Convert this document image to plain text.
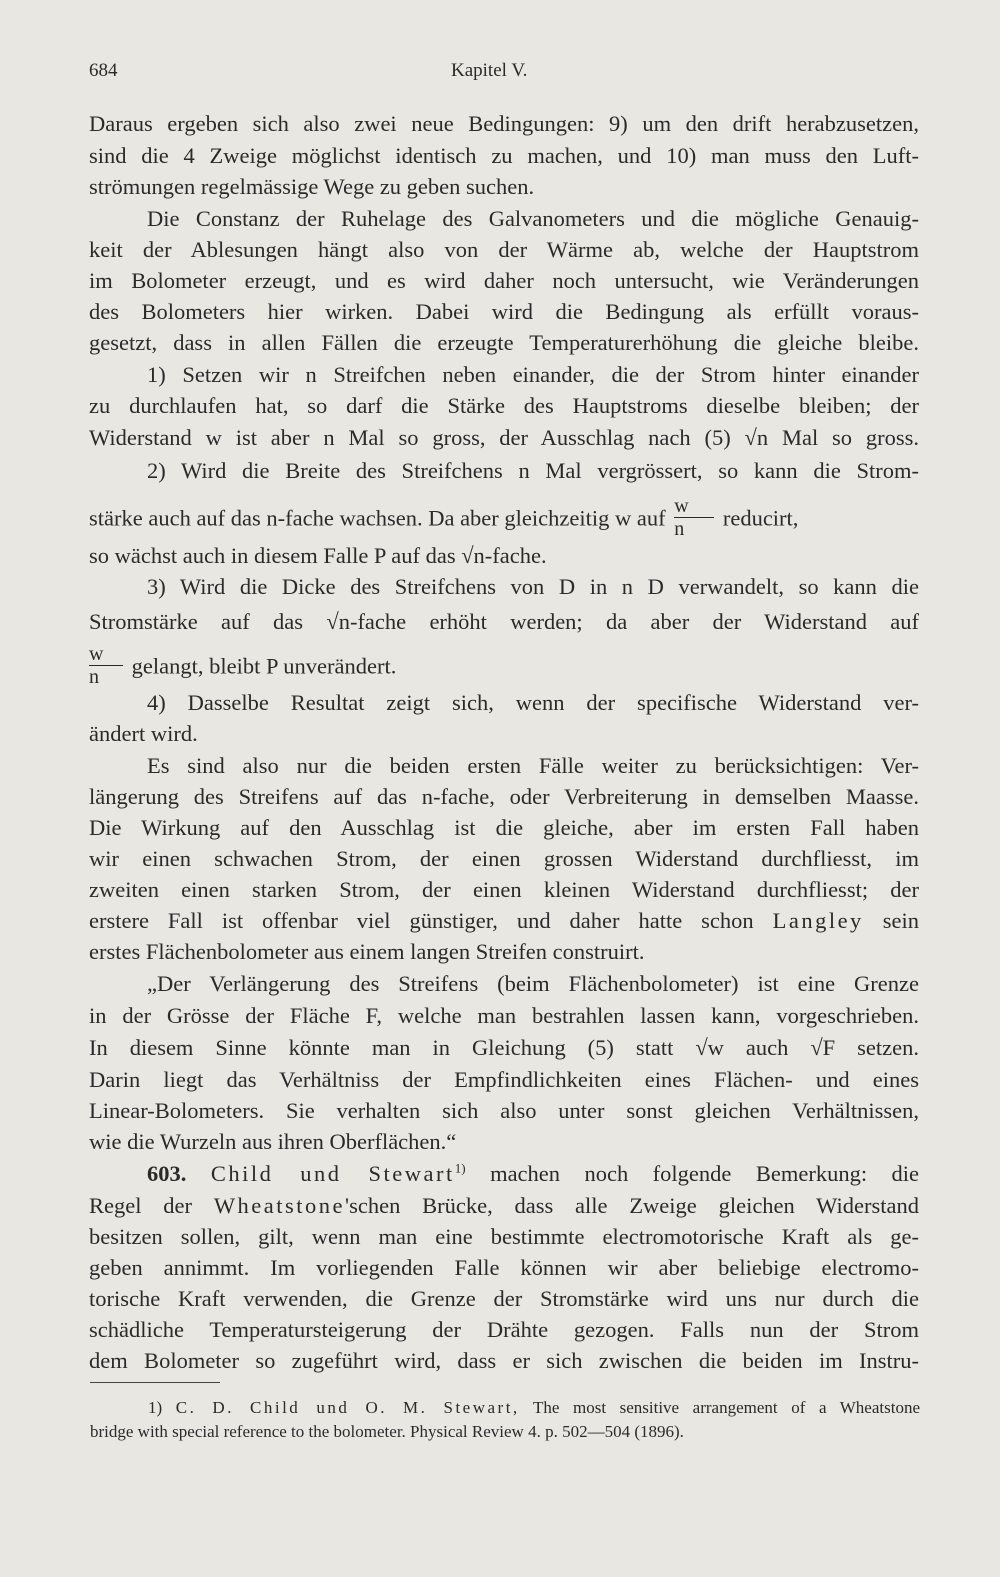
684	Kapitel V.
Daraus ergeben sich also zwei neue Bedingungen: 9) um den drift herabzusetzen,
sind die 4 Zweige möglichst identisch zu machen, und 10) man muss den Luft-
strömungen regelmässige Wege zu geben suchen.
Die Constanz der Ruhelage des Galvanometers und die mögliche Genauig-
keit der Ablesungen hängt also von der Wärme ab, welche der Hauptstrom
im Bolometer erzeugt, und es wird daher noch untersucht, wie Veränderungen
des Bolometers hier wirken. Dabei wird die Bedingung als erfüllt voraus-
gesetzt, dass in allen Fällen die erzeugte Temperaturerhöhung die gleiche bleibe.
1) Setzen wir n Streifchen neben einander, die der Strom hinter einander
zu durchlaufen hat, so darf die Stärke des Hauptstroms dieselbe bleiben; der
Widerstand w ist aber n Mal so gross, der Ausschlag nach (5) √n Mal so gross.
2) Wird die Breite des Streifchens n Mal vergrössert, so kann die Strom-
stärke auch auf das n-fache wachsen. Da aber gleichzeitig w auf $\frac{w}{n}$ reducirt,
so wächst auch in diesem Falle P auf das √n-fache.
3) Wird die Dicke des Streifchens von D in n D verwandelt, so kann die
Stromstärke auf das √n-fache erhöht werden; da aber der Widerstand auf
$\frac{w}{n}$ gelangt, bleibt P unverändert.
4) Dasselbe Resultat zeigt sich, wenn der specifische Widerstand ver-
ändert wird.
Es sind also nur die beiden ersten Fälle weiter zu berücksichtigen: Ver-
längerung des Streifens auf das n-fache, oder Verbreiterung in demselben Maasse.
Die Wirkung auf den Ausschlag ist die gleiche, aber im ersten Fall haben
wir einen schwachen Strom, der einen grossen Widerstand durchfliesst, im
zweiten einen starken Strom, der einen kleinen Widerstand durchfliesst; der
erstere Fall ist offenbar viel günstiger, und daher hatte schon Langley sein
erstes Flächenbolometer aus einem langen Streifen construirt.
„Der Verlängerung des Streifens (beim Flächenbolometer) ist eine Grenze
in der Grösse der Fläche F, welche man bestrahlen lassen kann, vorgeschrieben.
In diesem Sinne könnte man in Gleichung (5) statt √w auch √F setzen.
Darin liegt das Verhältniss der Empfindlichkeiten eines Flächen- und eines
Linear-Bolometers. Sie verhalten sich also unter sonst gleichen Verhältnissen,
wie die Wurzeln aus ihren Oberflächen.“
603. Child und Stewart$^{1)}$ machen noch folgende Bemerkung: die
Regel der Wheatstone'schen Brücke, dass alle Zweige gleichen Widerstand
besitzen sollen, gilt, wenn man eine bestimmte electromotorische Kraft als ge-
geben annimmt. Im vorliegenden Falle können wir aber beliebige electromo-
torische Kraft verwenden, die Grenze der Stromstärke wird uns nur durch die
schädliche Temperatursteigerung der Drähte gezogen. Falls nun der Strom
dem Bolometer so zugeführt wird, dass er sich zwischen die beiden im Instru-
1) C. D. Child und O. M. Stewart, The most sensitive arrangement of a Wheatstone
bridge with special reference to the bolometer. Physical Review 4. p. 502—504 (1896).
